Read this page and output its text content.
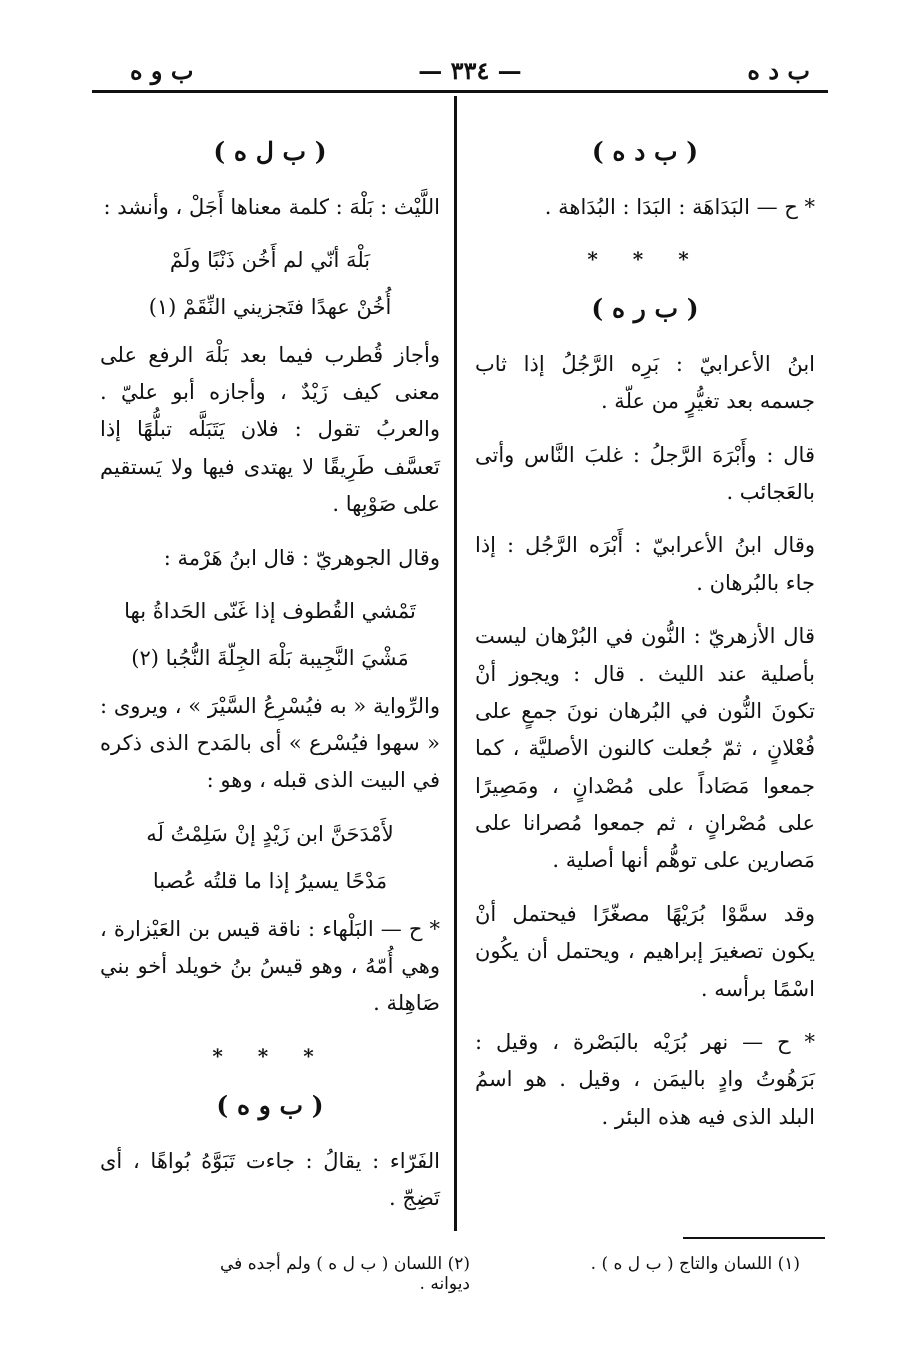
ب د ه
— ٣٣٤ —
ب و ه
( ب د ه )

* ح — البَدَاهَة : البَدَا : البُدَاهة .

* * *
( ب ر ه )

ابنُ الأعرابيّ : بَرِه الرَّجُلُ إذا ثاب جسمه بعد تغيُّرٍ من علّة .

قال : وأَبْرَهَ الرَّجلُ : غلبَ النَّاس وأتى بالعَجائب .

وقال ابنُ الأعرابيّ : أَبْرَه الرَّجُل : إذا جاء بالبُرهان .

قال الأزهريّ : النُّون في البُرْهان ليست بأصلية عند الليث . قال : ويجوز أنْ تكونَ النُّون في البُرهان نونَ جمعٍ على فُعْلانٍ ، ثمّ جُعلت كالنون الأصليَّة ، كما جمعوا مَصَاداً على مُصْدانٍ ، ومَصِيرًا على مُصْرانٍ ، ثم جمعوا مُصرانا على مَصارين على توهُّم أنها أصلية .

وقد سمَّوْا بُرَيْهًا مصغّرًا فيحتمل أنْ يكون تصغيرَ إبراهيم ، ويحتمل أن يكُون اسْمًا برأسه .

* ح — نهر بُرَيْه بالبَصْرة ، وقيل : بَرَهُوتُ وادٍ باليمَن ، وقيل . هو اسمُ البلد الذى فيه هذه البئر .

( ب ل ه )

اللَّيْث : بَلْهَ : كلمة معناها أَجَلْ ، وأنشد :

بَلْهَ أنّي لم أَخُن ذَنْبًا ولَمْ
أُخُنْ عهدًا فتَجزيني النِّقَمْ (١)

وأجاز قُطرب فيما بعد بَلْهَ الرفع على معنى كيف زَيْدٌ ، وأجازه أبو عليّ . والعربُ تقول : فلان يَتَبَلَّه تبلُّهًا إذا تَعسَّف طَرِيقًا لا يهتدى فيها ولا يَستقيم على صَوْبِها .

وقال الجوهريّ : قال ابنُ هَرْمة :

تَمْشي القُطوف إذا غَنّى الحَداةُ بها
مَشْيَ النَّجِيبة بَلْهَ الجِلّةَ النُّجُبا (٢)

والرِّواية « به فيُسْرِعُ السَّيْرَ » ، ويروى : « سهوا فيُسْرع » أى بالمَدح الذى ذكره في البيت الذى قبله ، وهو :

لأَمْدَحَنَّ ابن زَيْدٍ إنْ سَلِمْتُ لَه
مَدْحًا يسيرُ إذا ما قلتُه عُصبا

* ح — البَلْهاء : ناقة قيس بن العَيْزارة ، وهي أُمّهُ ، وهو قيسُ بنُ خويلد أخو بني صَاهِلة .

* * *
( ب و ه )

الفَرّاء : يقالُ : جاءت تَبَوَّهُ بُواهًا ، أى تَضِجّ .

(١) اللسان والتاج ( ب ل ه ) .
(٢) اللسان ( ب ل ه ) ولم أجده في ديوانه .
